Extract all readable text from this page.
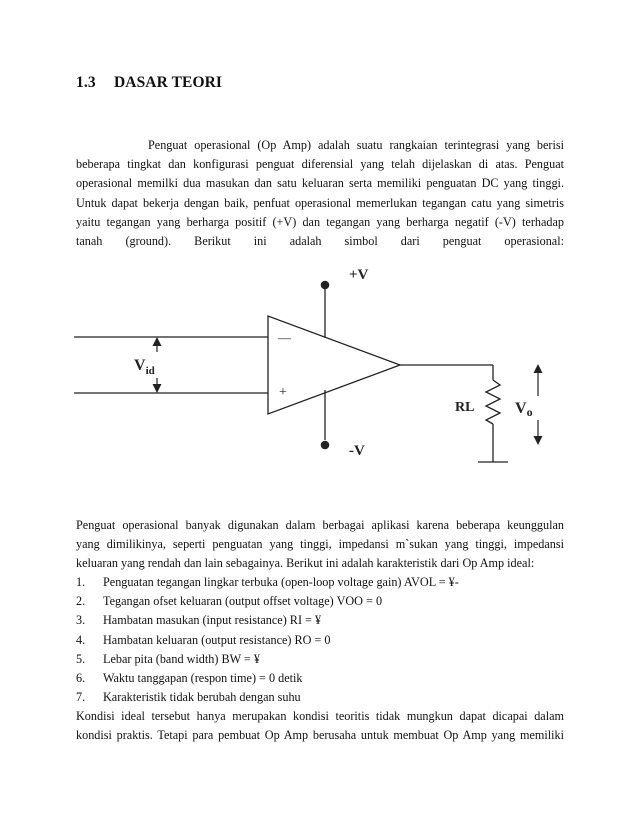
1.3 DASAR TEORI
Penguat operasional (Op Amp) adalah suatu rangkaian terintegrasi yang berisi
beberapa tingkat dan konfigurasi penguat diferensial yang telah dijelaskan di atas. Penguat
operasional memilki dua masukan dan satu keluaran serta memiliki penguatan DC yang tinggi.
Untuk dapat bekerja dengan baik, penfuat operasional memerlukan tegangan catu yang simetris
yaitu tegangan yang berharga positif (+V) dan tegangan yang berharga negatif (-V) terhadap
tanah (ground). Berikut ini adalah simbol dari penguat operasional:
+V
-V
$V_{id}$
—
+
RL	Vo
Penguat operasional banyak digunakan dalam berbagai aplikasi karena beberapa keunggulan
yang dimilikinya, seperti penguatan yang tinggi, impedansi m`sukan yang tinggi, impedansi
keluaran yang rendah dan lain sebagainya. Berikut ini adalah karakteristik dari Op Amp ideal:
1. Penguatan tegangan lingkar terbuka (open-loop voltage gain) AVOL = ¥-
2. Tegangan ofset keluaran (output offset voltage) VOO = 0
3. Hambatan masukan (input resistance) RI = ¥
4. Hambatan keluaran (output resistance) RO = 0
5. Lebar pita (band width) BW = ¥
6. Waktu tanggapan (respon time) = 0 detik
7. Karakteristik tidak berubah dengan suhu
Kondisi ideal tersebut hanya merupakan kondisi teoritis tidak mungkun dapat dicapai dalam
kondisi praktis. Tetapi para pembuat Op Amp berusaha untuk membuat Op Amp yang memiliki
